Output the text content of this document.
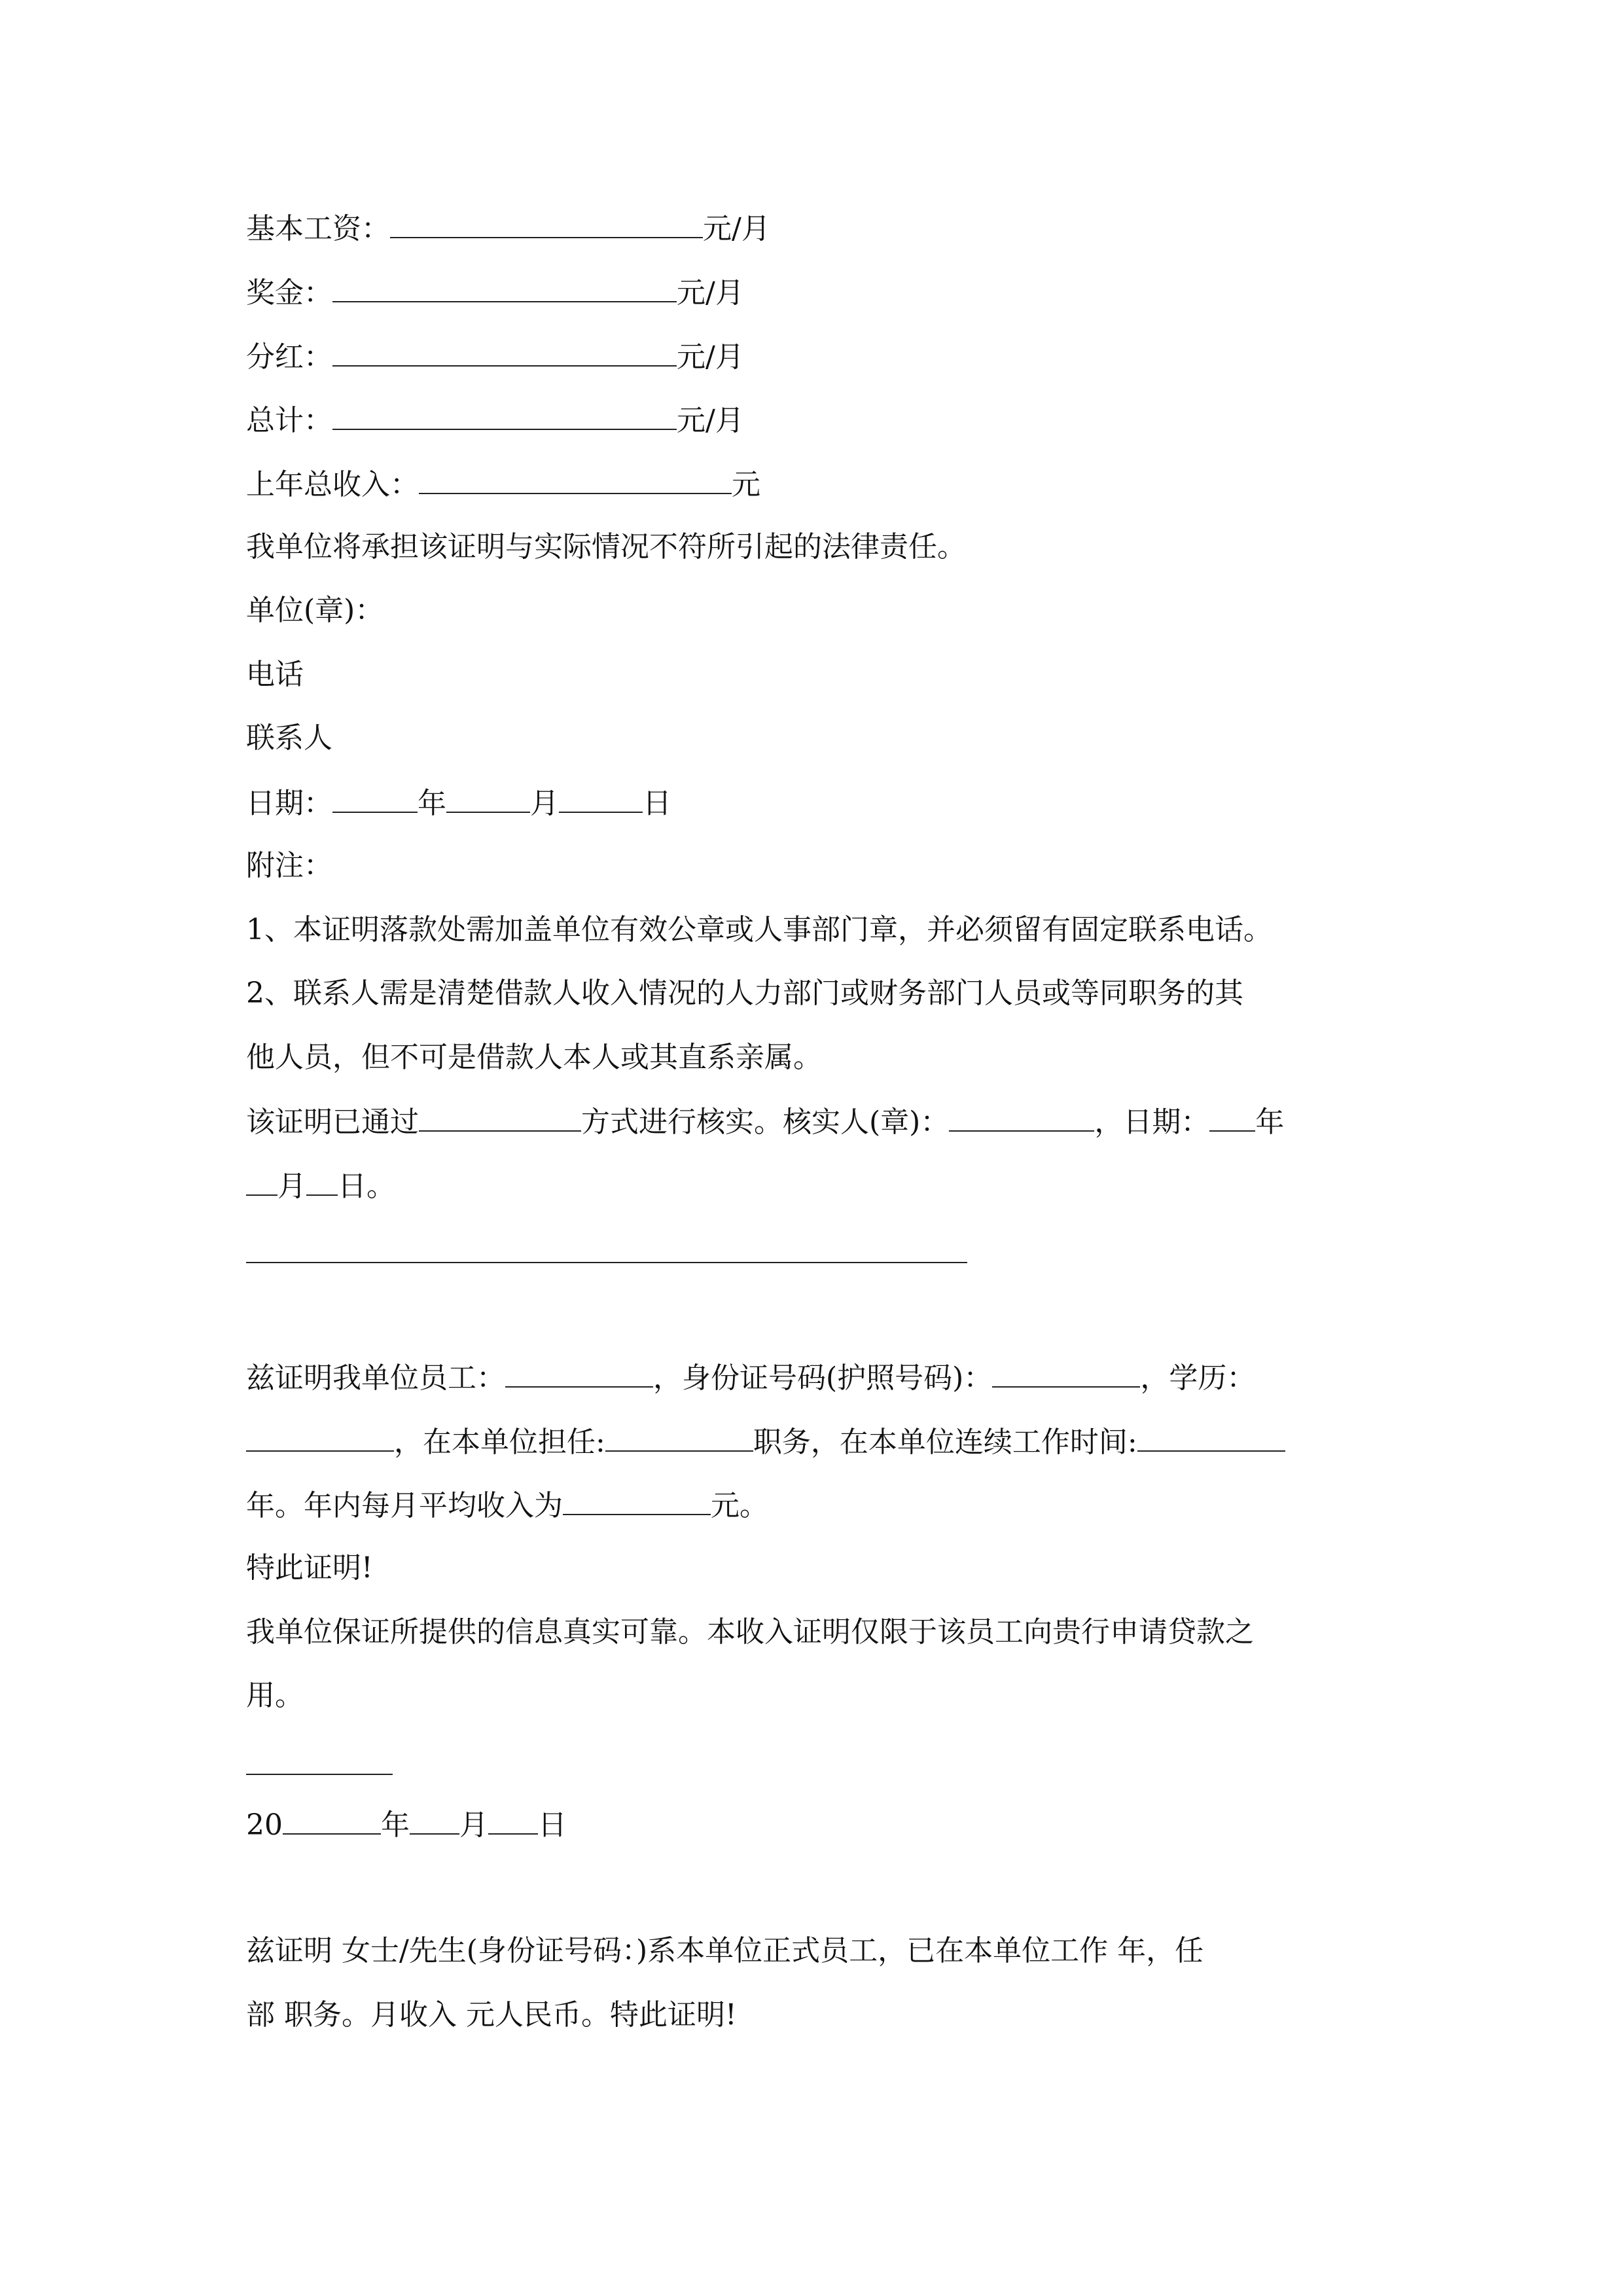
基本工资：	元/月
奖金：	元/月
分红：	元/月
总计：	元/月
上年总收入：	元
我单位将承担该证明与实际情况不符所引起的法律责任。
单位(章)：
电话
联系人
日期：	年	月	日
附注：
1、本证明落款处需加盖单位有效公章或人事部门章，并必须留有固定联系电话。
2、联系人需是清楚借款人收入情况的人力部门或财务部门人员或等同职务的其
他人员，但不可是借款人本人或其直系亲属。
该证明已通过	方式进行核实。核实人(章)：	，日期： 年
月 日。
兹证明我单位员工：	，身份证号码(护照号码)：	，学历：
，在本单位担任:	职务，在本单位连续工作时间:
年。年内每月平均收入为	元。
特此证明!
我单位保证所提供的信息真实可靠。本收入证明仅限于该员工向贵行申请贷款之
用。
20	年 月 日
兹证明 女士/先生(身份证号码：)系本单位正式员工，已在本单位工作 年，任
部 职务。月收入 元人民币。特此证明!
